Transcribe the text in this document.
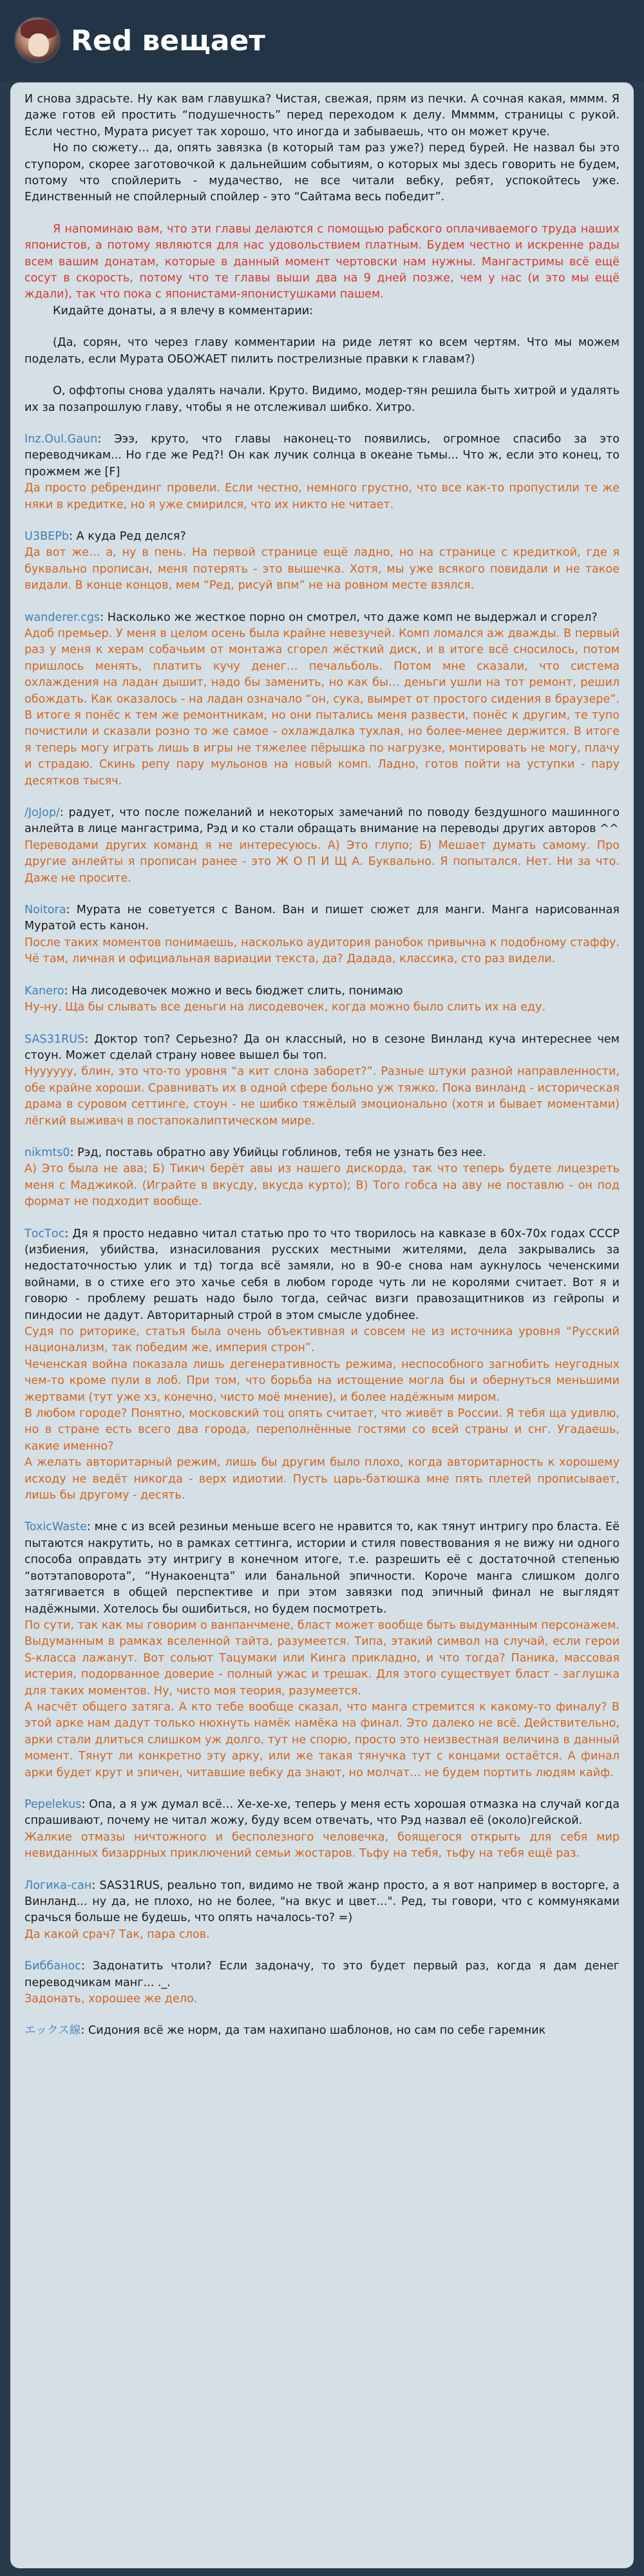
Red вещает

И снова здрасьте. Ну как вам главушка? Чистая, свежая, прям из печки. А сочная какая, мммм. Я даже готов ей простить “подушечность” перед переходом к делу. Ммммм, страницы с рукой. Если честно, Мурата рисует так хорошо, что иногда и забываешь, что он может круче.

Но по сюжету… да, опять завязка (в который там раз уже?) перед бурей. Не назвал бы это ступором, скорее заготовочкой к дальнейшим событиям, о которых мы здесь говорить не будем, потому что спойлерить - мудачество, не все читали вебку, ребят, успокойтесь уже. Единственный не спойлерный спойлер - это “Сайтама весь победит”.

Я напоминаю вам, что эти главы делаются с помощью рабского оплачиваемого труда наших японистов, а потому являются для нас удовольствием платным. Будем честно и искренне рады всем вашим донатам, которые в данный момент чертовски нам нужны. Мангастримы всё ещё сосут в скорость, потому что те главы выши два на 9 дней позже, чем у нас (и это мы ещё ждали), так что пока с японистами-японистушками пашем.

Кидайте донаты, а я влечу в комментарии:

(Да, сорян, что через главу комментарии на риде летят ко всем чертям. Что мы можем поделать, если Мурата ОБОЖАЕТ пилить пострелизные правки к главам?)

О, оффтопы снова удалять начали. Круто. Видимо, модер-тян решила быть хитрой и удалять их за позапрошлую главу, чтобы я не отслеживал шибко. Хитро.

Inz.Oul.Gaun: Эээ, круто, что главы наконец-то появились, огромное спасибо за это переводчикам... Но где же Ред?! Он как лучик солнца в океане тьмы... Что ж, если это конец, то прожмем же [F]

Да просто ребрендинг провели. Если честно, немного грустно, что все как-то пропустили те же няки в кредитке, но я уже смирился, что их никто не читает.

U3BEPb: А куда Ред делся?

Да вот же… а, ну в пень. На первой странице ещё ладно, но на странице с кредиткой, где я буквально прописан, меня потерять - это вышечка. Хотя, мы уже всякого повидали и не такое видали. В конце концов, мем “Ред, рисуй впм” не на ровном месте взялся.

wanderer.cgs: Насколько же жесткое порно он смотрел, что даже комп не выдержал и сгорел?

Адоб премьер. У меня в целом осень была крайне невезучей. Комп ломался аж дважды. В первый раз у меня к херам собачьим от монтажа сгорел жёсткий диск, и в итоге всё сносилось, потом пришлось менять, платить кучу денег… печальболь. Потом мне сказали, что система охлаждения на ладан дышит, надо бы заменить, но как бы… деньги ушли на тот ремонт, решил обождать. Как оказалось - на ладан означало “он, сука, вымрет от простого сидения в браузере”. В итоге я понёс к тем же ремонтникам, но они пытались меня развести, понёс к другим, те тупо почистили и сказали розно то же самое - охлаждалка тухлая, но более-менее держится. В итоге я теперь могу играть лишь в игры не тяжелее пёрышка по нагрузке, монтировать не могу, плачу и страдаю. Скинь репу пару мульонов на новый комп. Ладно, готов пойти на уступки - пару десятков тысяч.

/JoJop/: радует, что после пожеланий и некоторых замечаний по поводу бездушного машинного анлейта в лице мангастрима, Рэд и ко стали обращать внимание на переводы других авторов ^^

Переводами других команд я не интересуюсь. А) Это глупо; Б) Мешает думать самому. Про другие анлейты я прописан ранее - это Ж О П И Щ А. Буквально. Я попытался. Нет. Ни за что. Даже не просите.

Noitora: Мурата не советуется с Ваном. Ван и пишет сюжет для манги. Манга нарисованная Муратой есть канон.

После таких моментов понимаешь, насколько аудитория ранобок привычна к подобному стаффу. Чё там, личная и официальная вариации текста, да? Дадада, классика, сто раз видели.

Kanero: На лисодевочек можно и весь бюджет слить, понимаю

Ну-ну. Ща бы слывать все деньги на лисодевочек, когда можно было слить их на еду.

SAS31RUS: Доктор топ? Серьезно? Да он классный, но в сезоне Винланд куча интереснее чем стоун. Может сделай страну новее вышел бы топ.

Нуууууу, блин, это что-то уровня “а кит слона заборет?”. Разные штуки разной направленности, обе крайне хороши. Сравнивать их в одной сфере больно уж тяжко. Пока винланд - историческая драма в суровом сеттинге, стоун - не шибко тяжёлый эмоционально (хотя и бывает моментами) лёгкий выживач в постапокалиптическом мире.

nikmts0: Рэд, поставь обратно аву Убийцы гоблинов, тебя не узнать без нее.

А) Это была не ава; Б) Тикич берёт авы из нашего дискорда, так что теперь будете лицезреть меня с Маджикой. (Играйте в вкусду, вкусда курто); В) Того гобса на аву не поставлю - он под формат не подходит вообще.

ТосТос: Дя я просто недавно читал статью про то что творилось на кавказе в 60х-70х годах СССР (избиения, убийства, изнасилования русских местными жителями, дела закрывались за недостаточностью улик и тд) тогда всё замяли, но в 90-е снова нам аукнулось чеченскими войнами, в о стихе его это хачье себя в любом городе чуть ли не королями считает. Вот я и говорю - проблему решать надо было тогда, сейчас визги правозащитников из гейропы и пиндосии не дадут. Авторитарный строй в этом смысле удобнее.

Судя по риторике, статья была очень объективная и совсем не из источника уровня “Русский национализм, так победим же, империя строн”.

Чеченская война показала лишь дегенеративность режима, неспособного загнобить неугодных чем-то кроме пули в лоб. При том, что борьба на истощение могла бы и обернуться меньшими жертвами (тут уже хз, конечно, чисто моё мнение), и более надёжным миром.

В любом городе? Понятно, московский тоц опять считает, что живёт в России. Я тебя ща удивлю, но в стране есть всего два города, переполнённые гостями со всей страны и снг. Угадаешь, какие именно?

А желать авторитарный режим, лишь бы другим было плохо, когда авторитарность к хорошему исходу не ведёт никогда - верх идиотии. Пусть царь-батюшка мне пять плетей прописывает, лишь бы другому - десять.

ToxicWaste: мне с из всей резиньи меньше всего не нравится то, как тянут интригу про бласта. Её пытаются накрутить, но в рамках сеттинга, истории и стиля повествования я не вижу ни одного способа оправдать эту интригу в конечном итоге, т.е. разрешить её с достаточной степенью “вотэтаповорота”, “Нунакоенцта” или банальной эпичности. Короче манга слишком долго затягивается в общей перспективе и при этом завязки под эпичный финал не выглядят надёжными. Хотелось бы ошибиться, но будем посмотреть.

По сути, так как мы говорим о ванпанчмене, бласт может вообще быть выдуманным персонажем. Выдуманным в рамках вселенной тайта, разумеется. Типа, этакий символ на случай, если герои S-класса лажанут. Вот сольют Тацумаки или Кинга прикладно, и что тогда? Паника, массовая истерия, подорванное доверие - полный ужас и трешак. Для этого существует бласт - заглушка для таких моментов. Ну, чисто моя теория, разумеется.

А насчёт общего затяга. А кто тебе вообще сказал, что манга стремится к какому-то финалу? В этой арке нам дадут только нюхнуть намёк намёка на финал. Это далеко не всё. Действительно, арки стали длиться слишком уж долго, тут не спорю, просто это неизвестная величина в данный момент. Тянут ли конкретно эту арку, или же такая тянучка тут с концами остаётся. А финал арки будет крут и эпичен, читавшие вебку да знают, но молчат… не будем портить людям кайф.

Pepelekus: Опа, а я уж думал всё… Хе-хе-хе, теперь у меня есть хорошая отмазка на случай когда спрашивают, почему не читал жожу, буду всем отвечать, что Рэд назвал её (около)гейской.

Жалкие отмазы ничтожного и бесполезного человечка, боящегося открыть для себя мир невиданных бизаррных приключений семьи жостаров. Тьфу на тебя, тьфу на тебя ещё раз.

Логика-сан: SAS31RUS, реально топ, видимо не твой жанр просто, а я вот например в восторге, а Винланд... ну да, не плохо, но не более, "на вкус и цвет...". Ред, ты говори, что с коммуняками срачься больше не будешь, что опять началось-то? =)

Да какой срач? Так, пара слов.

Биббанос: Задонатить чтоли? Если задоначу, то это будет первый раз, когда я дам денег переводчикам манг... ._.

Задонать, хорошее же дело.

エックス線: Сидония всё же норм, да там нахипано шаблонов, но сам по себе гаремник
